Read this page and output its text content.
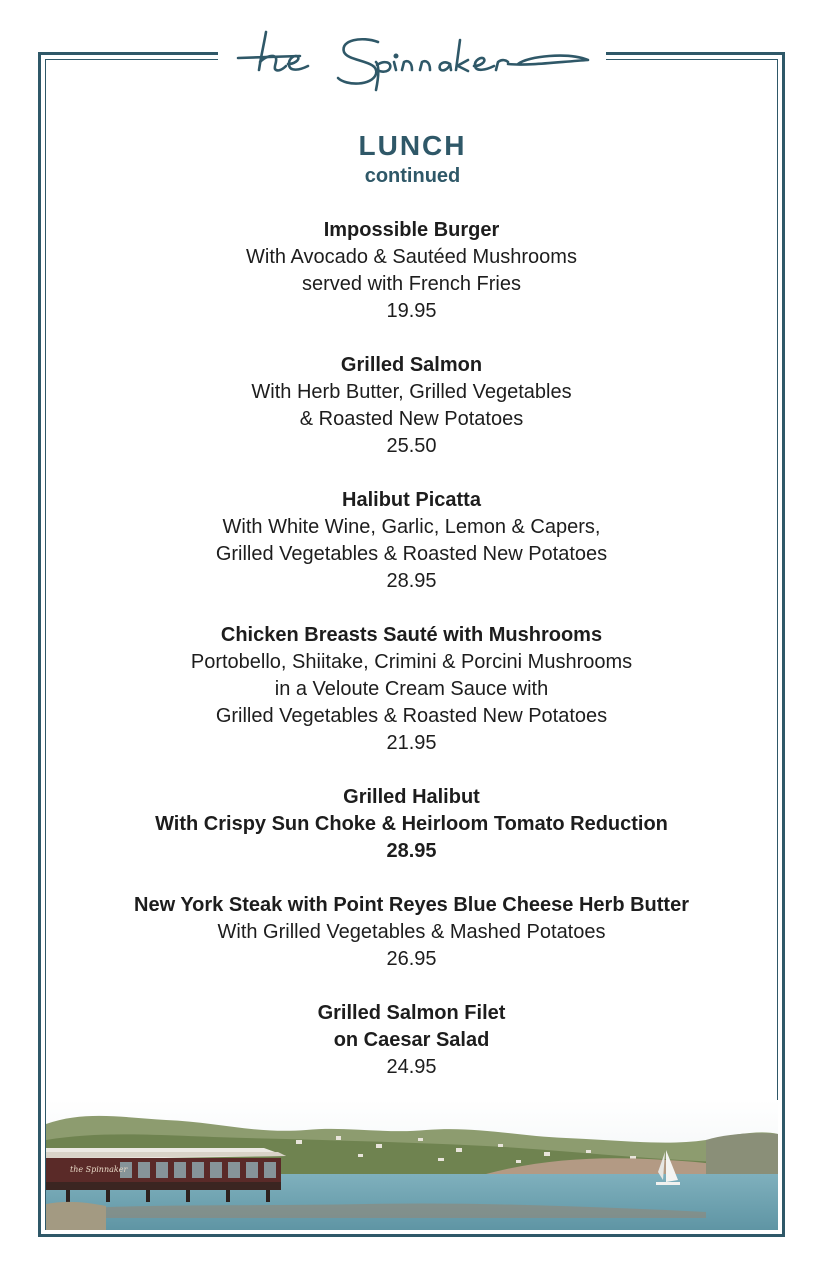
LUNCH
continued
Impossible Burger
With Avocado & Sautéed Mushrooms
served with French Fries
19.95
Grilled Salmon
With Herb Butter, Grilled Vegetables
& Roasted New Potatoes
25.50
Halibut Picatta
With White Wine, Garlic, Lemon & Capers,
Grilled Vegetables & Roasted New Potatoes
28.95
Chicken Breasts Sauté with Mushrooms
Portobello, Shiitake, Crimini & Porcini Mushrooms
in a Veloute Cream Sauce with
Grilled Vegetables & Roasted New Potatoes
21.95
Grilled Halibut
With Crispy Sun Choke & Heirloom Tomato Reduction
28.95
New York Steak with Point Reyes Blue Cheese Herb Butter
With Grilled Vegetables & Mashed Potatoes
26.95
Grilled Salmon Filet
on Caesar Salad
24.95
the Spinnaker
